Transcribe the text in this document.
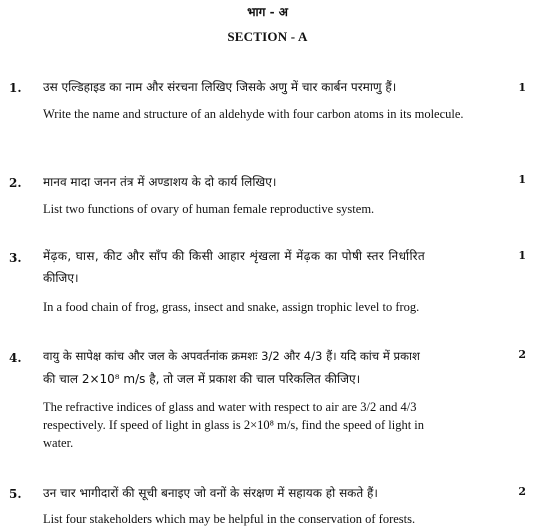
भाग - अ
SECTION - A
1. उस एल्डिहाइड का नाम और संरचना लिखिए जिसके अणु में चार कार्बन परमाणु हैं।	1
Write the name and structure of an aldehyde with four carbon atoms in its molecule.
2. मानव मादा जनन तंत्र में अण्डाशय के दो कार्य लिखिए।	1
List two functions of ovary of human female reproductive system.
3. मेंढ़क, घास, कीट और साँप की किसी आहार शृंखला में मेंढ़क का पोषी स्तर निर्धारित
कीजिए।
1
In a food chain of frog, grass, insect and snake, assign trophic level to frog.
4. वायु के सापेक्ष कांच और जल के अपवर्तनांक क्रमशः 3/2 और 4/3 हैं। यदि कांच में प्रकाश
की चाल 2×10⁸ m/s है, तो जल में प्रकाश की चाल परिकलित कीजिए।
2
The refractive indices of glass and water with respect to air are 3/2 and 4/3
respectively. If speed of light in glass is 2×10⁸ m/s, find the speed of light in
water.
5. उन चार भागीदारों की सूची बनाइए जो वनों के संरक्षण में सहायक हो सकते हैं।	2
List four stakeholders which may be helpful in the conservation of forests.
